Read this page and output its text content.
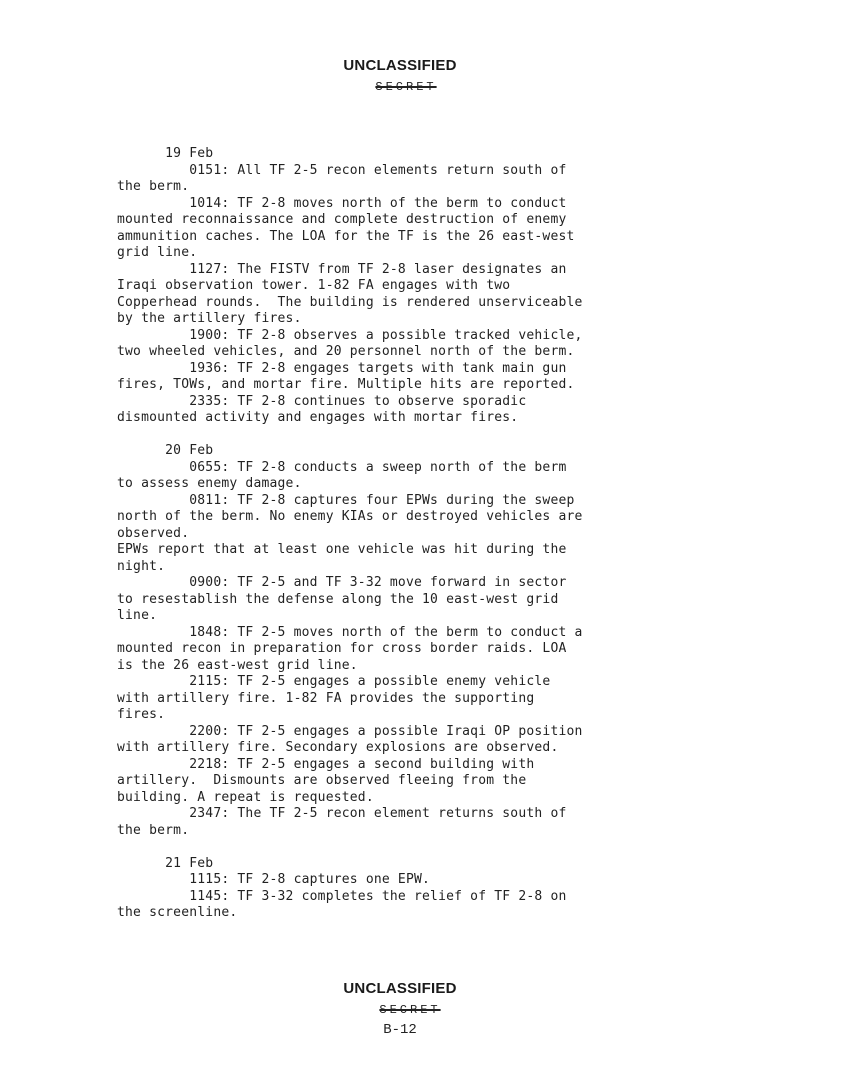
UNCLASSIFIED
SECRET
19 Feb
0151: All TF 2-5 recon elements return south of
the berm.
1014: TF 2-8 moves north of the berm to conduct
mounted reconnaissance and complete destruction of enemy
ammunition caches. The LOA for the TF is the 26 east-west
grid line.
1127: The FISTV from TF 2-8 laser designates an
Iraqi observation tower. 1-82 FA engages with two
Copperhead rounds.  The building is rendered unserviceable
by the artillery fires.
1900: TF 2-8 observes a possible tracked vehicle,
two wheeled vehicles, and 20 personnel north of the berm.
1936: TF 2-8 engages targets with tank main gun
fires, TOWs, and mortar fire. Multiple hits are reported.
2335: TF 2-8 continues to observe sporadic
dismounted activity and engages with mortar fires.
20 Feb
0655: TF 2-8 conducts a sweep north of the berm
to assess enemy damage.
0811: TF 2-8 captures four EPWs during the sweep
north of the berm. No enemy KIAs or destroyed vehicles are
observed.
EPWs report that at least one vehicle was hit during the
night.
0900: TF 2-5 and TF 3-32 move forward in sector
to resestablish the defense along the 10 east-west grid
line.
1848: TF 2-5 moves north of the berm to conduct a
mounted recon in preparation for cross border raids. LOA
is the 26 east-west grid line.
2115: TF 2-5 engages a possible enemy vehicle
with artillery fire. 1-82 FA provides the supporting
fires.
2200: TF 2-5 engages a possible Iraqi OP position
with artillery fire. Secondary explosions are observed.
2218: TF 2-5 engages a second building with
artillery.  Dismounts are observed fleeing from the
building. A repeat is requested.
2347: The TF 2-5 recon element returns south of
the berm.
21 Feb
1115: TF 2-8 captures one EPW.
1145: TF 3-32 completes the relief of TF 2-8 on
the screenline.
UNCLASSIFIED
SECRET
B-12
